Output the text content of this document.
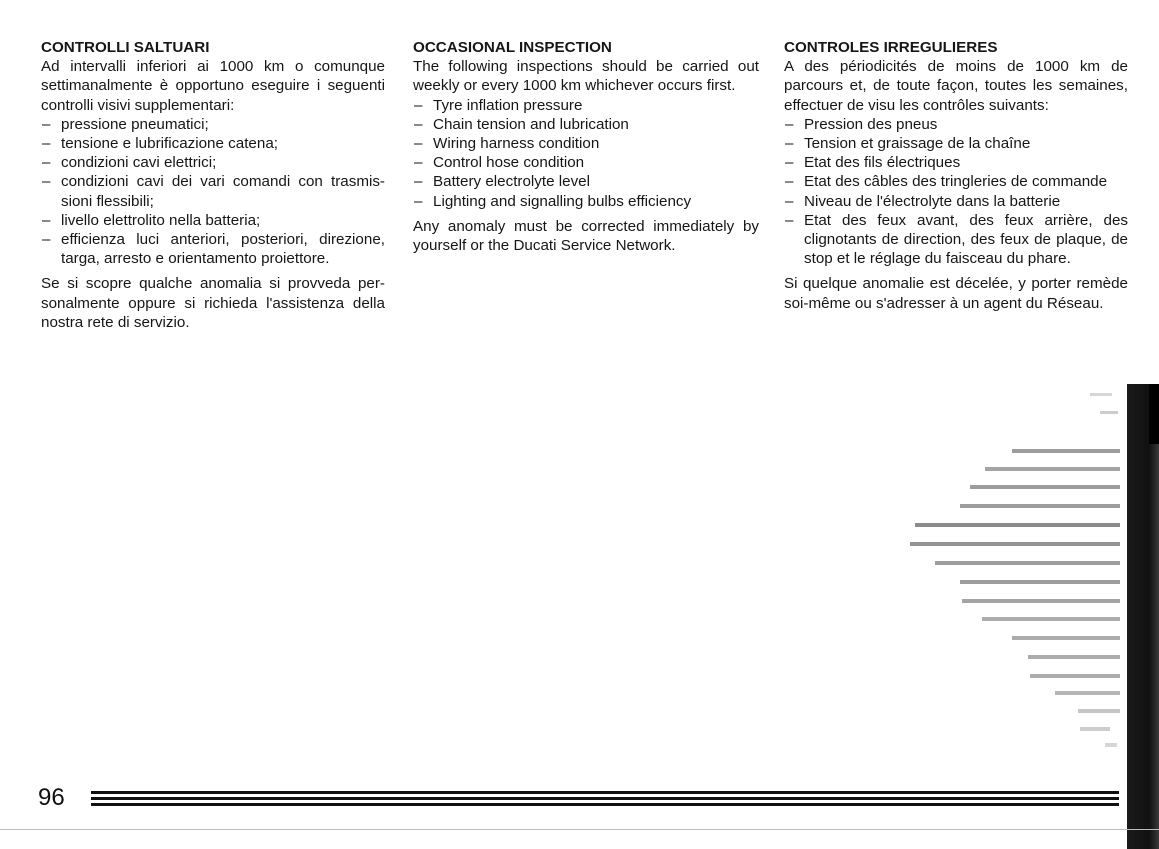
CONTROLLI SALTUARI

Ad intervalli inferiori ai 1000 km o comunque settimanalmente è opportuno eseguire i seguenti controlli visivi supplementari:

– pressione pneumatici;
– tensione e lubrificazione catena;
– condizioni cavi elettrici;
– condizioni cavi dei vari comandi con trasmis-sioni flessibili;
– livello elettrolito nella batteria;
– efficienza luci anteriori, posteriori, direzione, targa, arresto e orientamento proiettore.

Se si scopre qualche anomalia si provveda per-sonalmente oppure si richieda l'assistenza della nostra rete di servizio.

OCCASIONAL INSPECTION

The following inspections should be carried out weekly or every 1000 km whichever occurs first.

– Tyre inflation pressure
– Chain tension and lubrication
– Wiring harness condition
– Control hose condition
– Battery electrolyte level
– Lighting and signalling bulbs efficiency

Any anomaly must be corrected immediately by yourself or the Ducati Service Network.

CONTROLES IRREGULIERES

A des périodicités de moins de 1000 km de parcours et, de toute façon, toutes les semaines, effectuer de visu les contrôles suivants:

– Pression des pneus
– Tension et graissage de la chaîne
– Etat des fils électriques
– Etat des câbles des tringleries de commande
– Niveau de l'électrolyte dans la batterie
– Etat des feux avant, des feux arrière, des clignotants de direction, des feux de plaque, de stop et le réglage du faisceau du phare.

Si quelque anomalie est décelée, y porter remède soi-même ou s'adresser à un agent du Réseau.

96
